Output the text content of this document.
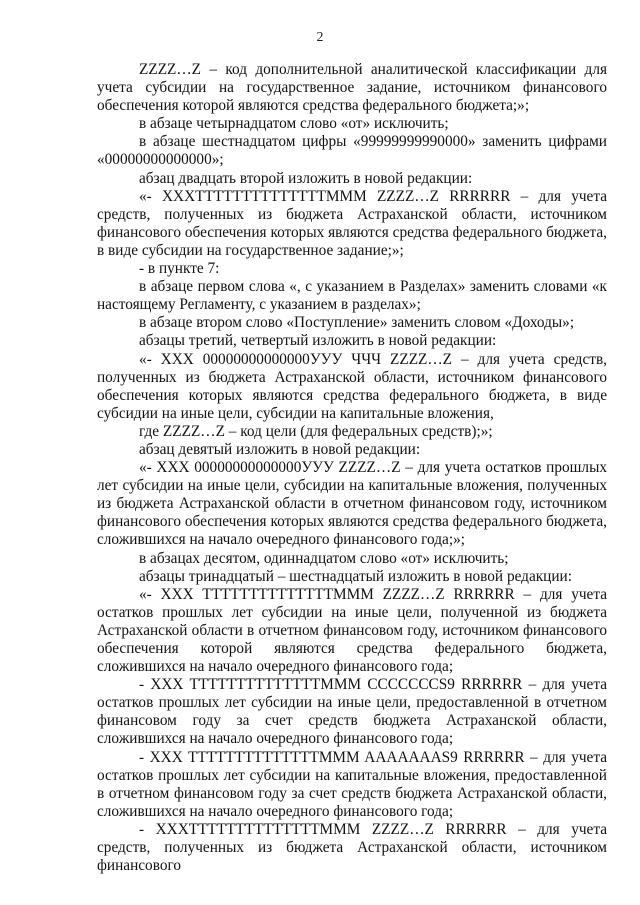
2

ZZZZ…Z – код дополнительной аналитической классификации для учета субсидии на государственное задание, источником финансового обеспечения которой являются средства федерального бюджета;»;

в абзаце четырнадцатом слово «от» исключить;

в абзаце шестнадцатом цифры «99999999990000» заменить цифрами «00000000000000»;

абзац двадцать второй изложить в новой редакции:

«- XXXTTTTTTTTTTTTTTMMM ZZZZ…Z RRRRRR – для учета средств, полученных из бюджета Астраханской области, источником финансового обеспечения которых являются средства федерального бюджета, в виде субсидии на государственное задание;»;

- в пункте 7:

в абзаце первом слова «, с указанием в Разделах» заменить словами «к настоящему Регламенту, с указанием в разделах»;

в абзаце втором слово «Поступление» заменить словом «Доходы»;

абзацы третий, четвертый изложить в новой редакции:

«- XXX 00000000000000УУУ ЧЧЧ ZZZZ…Z – для учета средств, полученных из бюджета Астраханской области, источником финансового обеспечения которых являются средства федерального бюджета, в виде субсидии на иные цели, субсидии на капитальные вложения,

где ZZZZ…Z – код цели (для федеральных средств);»;

абзац девятый изложить в новой редакции:

«- XXX 00000000000000УУУ ZZZZ…Z – для учета остатков прошлых лет субсидии на иные цели, субсидии на капитальные вложения, полученных из бюджета Астраханской области в отчетном финансовом году, источником финансового обеспечения которых являются средства федерального бюджета, сложившихся на начало очередного финансового года;»;

в абзацах десятом, одиннадцатом слово «от» исключить;

абзацы тринадцатый – шестнадцатый изложить в новой редакции:

«- XXX TTTTTTTTTTTTTTMMM ZZZZ…Z RRRRRR – для учета остатков прошлых лет субсидии на иные цели, полученной из бюджета Астраханской области в отчетном финансовом году, источником финансового обеспечения которой являются средства федерального бюджета, сложившихся на начало очередного финансового года;

- XXX TTTTTTTTTTTTTTMMM CCCCCCCS9 RRRRRR – для учета остатков прошлых лет субсидии на иные цели, предоставленной в отчетном финансовом году за счет средств бюджета Астраханской области, сложившихся на начало очередного финансового года;

- XXX TTTTTTTTTTTTTTMMM AAAAAAAS9 RRRRRR – для учета остатков прошлых лет субсидии на капитальные вложения, предоставленной в отчетном финансовом году за счет средств бюджета Астраханской области, сложившихся на начало очередного финансового года;

- XXXTTTTTTTTTTTTTTMMM ZZZZ…Z RRRRRR – для учета средств, полученных из бюджета Астраханской области, источником финансового
